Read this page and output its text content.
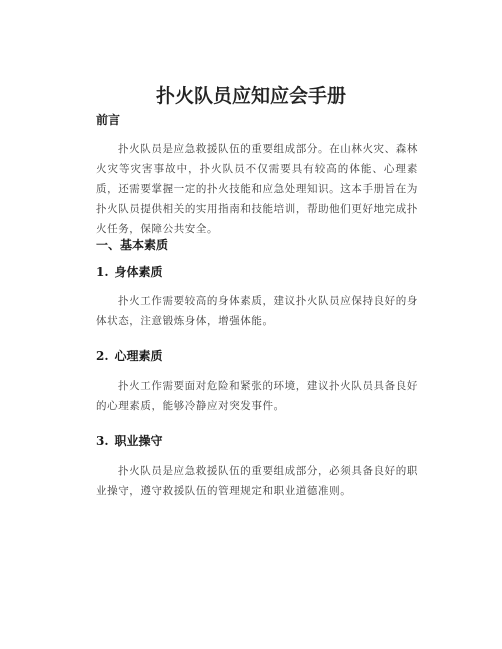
扑火队员应知应会手册
前言

扑火队员是应急救援队伍的重要组成部分。在山林火灾、森林火灾等灾害事故中，扑火队员不仅需要具有较高的体能、心理素质，还需要掌握一定的扑火技能和应急处理知识。这本手册旨在为扑火队员提供相关的实用指南和技能培训，帮助他们更好地完成扑火任务，保障公共安全。

一、基本素质
1. 身体素质

扑火工作需要较高的身体素质，建议扑火队员应保持良好的身体状态，注意锻炼身体，增强体能。

2. 心理素质

扑火工作需要面对危险和紧张的环境，建议扑火队员具备良好的心理素质，能够冷静应对突发事件。

3. 职业操守

扑火队员是应急救援队伍的重要组成部分，必须具备良好的职业操守，遵守救援队伍的管理规定和职业道德准则。
